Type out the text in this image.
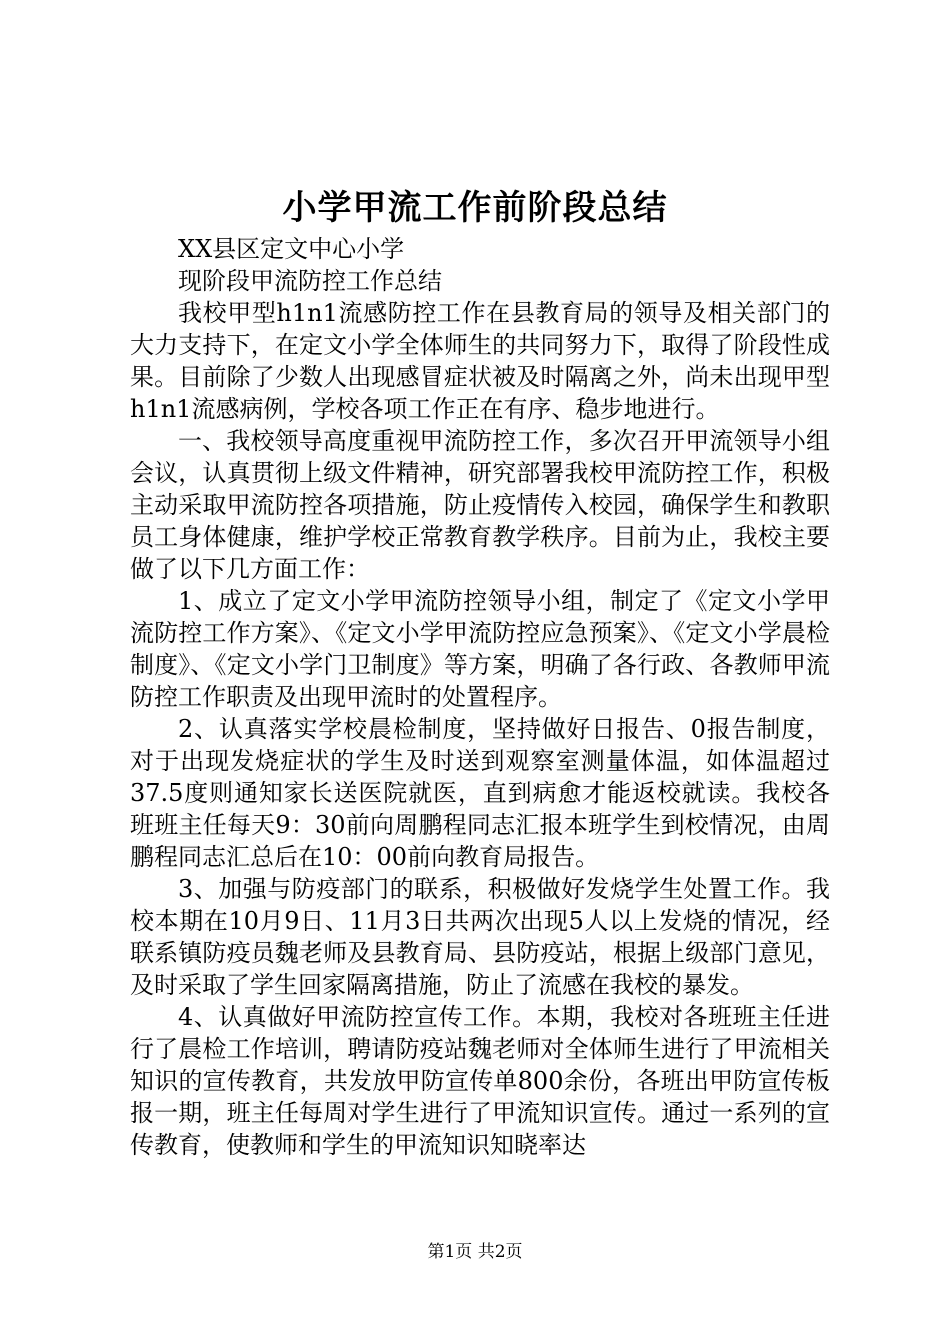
小学甲流工作前阶段总结

XX县区定文中心小学

现阶段甲流防控工作总结

我校甲型h1n1流感防控工作在县教育局的领导及相关部门的大力支持下，在定文小学全体师生的共同努力下，取得了阶段性成果。目前除了少数人出现感冒症状被及时隔离之外，尚未出现甲型h1n1流感病例，学校各项工作正在有序、稳步地进行。

一、我校领导高度重视甲流防控工作，多次召开甲流领导小组会议，认真贯彻上级文件精神，研究部署我校甲流防控工作，积极主动采取甲流防控各项措施，防止疫情传入校园，确保学生和教职员工身体健康，维护学校正常教育教学秩序。目前为止，我校主要做了以下几方面工作：

1、成立了定文小学甲流防控领导小组，制定了《定文小学甲流防控工作方案》、《定文小学甲流防控应急预案》、《定文小学晨检制度》、《定文小学门卫制度》等方案，明确了各行政、各教师甲流防控工作职责及出现甲流时的处置程序。

2、认真落实学校晨检制度，坚持做好日报告、0报告制度，对于出现发烧症状的学生及时送到观察室测量体温，如体温超过37.5度则通知家长送医院就医，直到病愈才能返校就读。我校各班班主任每天9：30前向周鹏程同志汇报本班学生到校情况，由周鹏程同志汇总后在10：00前向教育局报告。

3、加强与防疫部门的联系，积极做好发烧学生处置工作。我校本期在10月9日、11月3日共两次出现5人以上发烧的情况，经联系镇防疫员魏老师及县教育局、县防疫站，根据上级部门意见，及时采取了学生回家隔离措施，防止了流感在我校的暴发。

4、认真做好甲流防控宣传工作。本期，我校对各班班主任进行了晨检工作培训，聘请防疫站魏老师对全体师生进行了甲流相关知识的宣传教育，共发放甲防宣传单800余份，各班出甲防宣传板报一期，班主任每周对学生进行了甲流知识宣传。通过一系列的宣传教育，使教师和学生的甲流知识知晓率达

第1页 共2页
